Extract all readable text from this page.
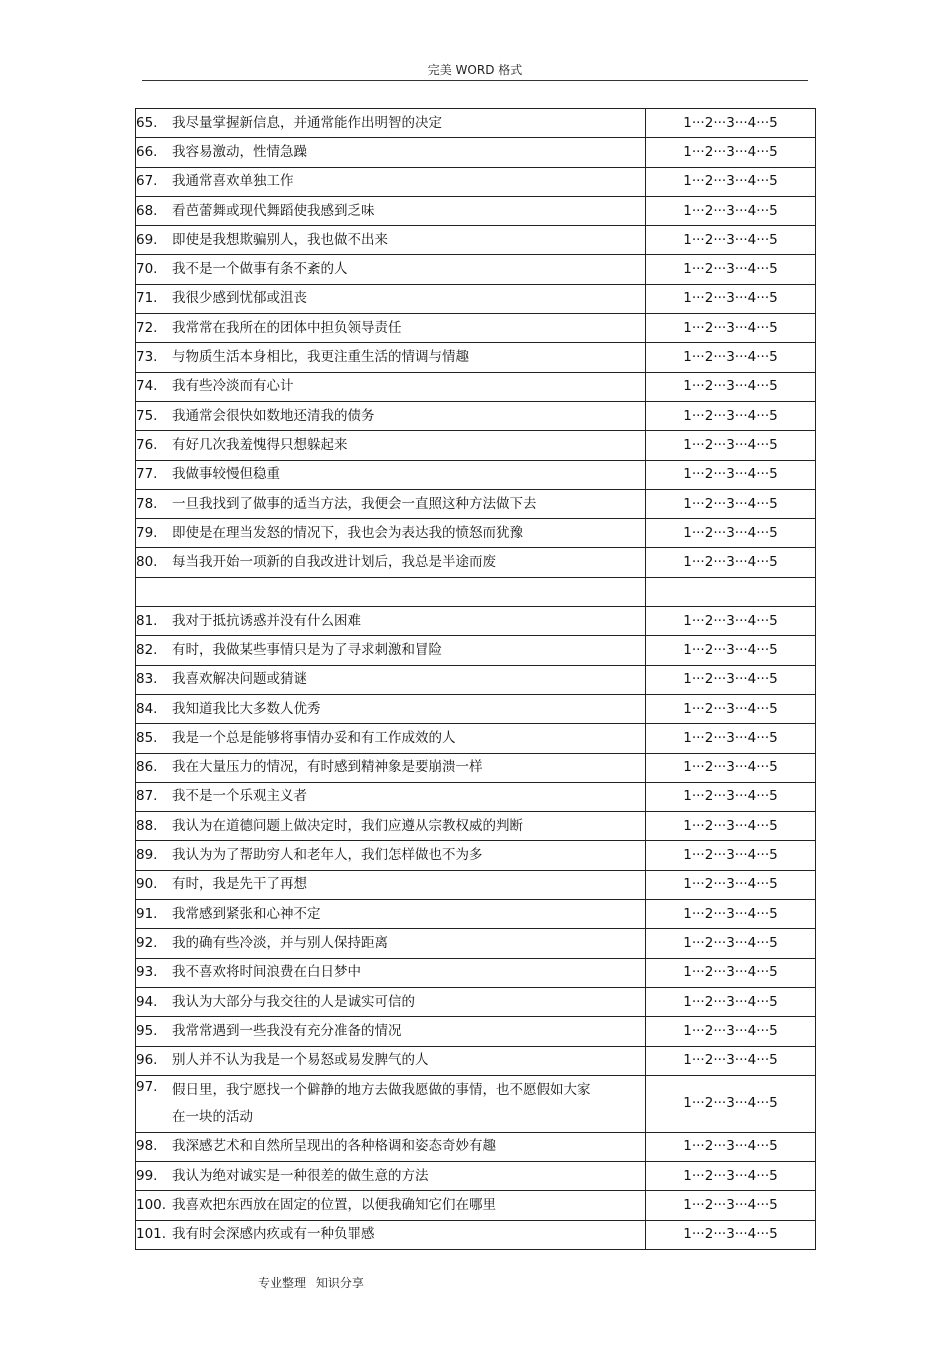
完美 WORD 格式
65. 我尽量掌握新信息，并通常能作出明智的决定	1···2···3···4···5

66. 我容易激动，性情急躁	1···2···3···4···5

67. 我通常喜欢单独工作	1···2···3···4···5

68. 看芭蕾舞或现代舞蹈使我感到乏味	1···2···3···4···5

69. 即使是我想欺骗别人，我也做不出来	1···2···3···4···5

70. 我不是一个做事有条不紊的人	1···2···3···4···5

71. 我很少感到忧郁或沮丧	1···2···3···4···5

72. 我常常在我所在的团体中担负领导责任	1···2···3···4···5

73. 与物质生活本身相比，我更注重生活的情调与情趣	1···2···3···4···5

74. 我有些冷淡而有心计	1···2···3···4···5

75. 我通常会很快如数地还清我的债务	1···2···3···4···5

76. 有好几次我羞愧得只想躲起来	1···2···3···4···5

77. 我做事较慢但稳重	1···2···3···4···5

78. 一旦我找到了做事的适当方法，我便会一直照这种方法做下去	1···2···3···4···5

79. 即使是在理当发怒的情况下，我也会为表达我的愤怒而犹豫	1···2···3···4···5

80. 每当我开始一项新的自我改进计划后，我总是半途而废	1···2···3···4···5

81. 我对于抵抗诱惑并没有什么困难	1···2···3···4···5

82. 有时，我做某些事情只是为了寻求刺激和冒险	1···2···3···4···5

83. 我喜欢解决问题或猜谜	1···2···3···4···5

84. 我知道我比大多数人优秀	1···2···3···4···5

85. 我是一个总是能够将事情办妥和有工作成效的人	1···2···3···4···5

86. 我在大量压力的情况，有时感到精神象是要崩溃一样	1···2···3···4···5

87. 我不是一个乐观主义者	1···2···3···4···5

88. 我认为在道德问题上做决定时，我们应遵从宗教权威的判断	1···2···3···4···5

89. 我认为为了帮助穷人和老年人，我们怎样做也不为多	1···2···3···4···5

90. 有时，我是先干了再想	1···2···3···4···5

91. 我常感到紧张和心神不定	1···2···3···4···5

92. 我的确有些冷淡，并与别人保持距离	1···2···3···4···5

93. 我不喜欢将时间浪费在白日梦中	1···2···3···4···5

94. 我认为大部分与我交往的人是诚实可信的	1···2···3···4···5

95. 我常常遇到一些我没有充分准备的情况	1···2···3···4···5

96. 别人并不认为我是一个易怒或易发脾气的人	1···2···3···4···5

97. 假日里，我宁愿找一个僻静的地方去做我愿做的事情，也不愿假如大家在一块的活动	1···2···3···4···5

98. 我深感艺术和自然所呈现出的各种格调和姿态奇妙有趣	1···2···3···4···5

99. 我认为绝对诚实是一种很差的做生意的方法	1···2···3···4···5

100. 我喜欢把东西放在固定的位置，以便我确知它们在哪里	1···2···3···4···5

101. 我有时会深感内疚或有一种负罪感	1···2···3···4···5
专业整理 知识分享
